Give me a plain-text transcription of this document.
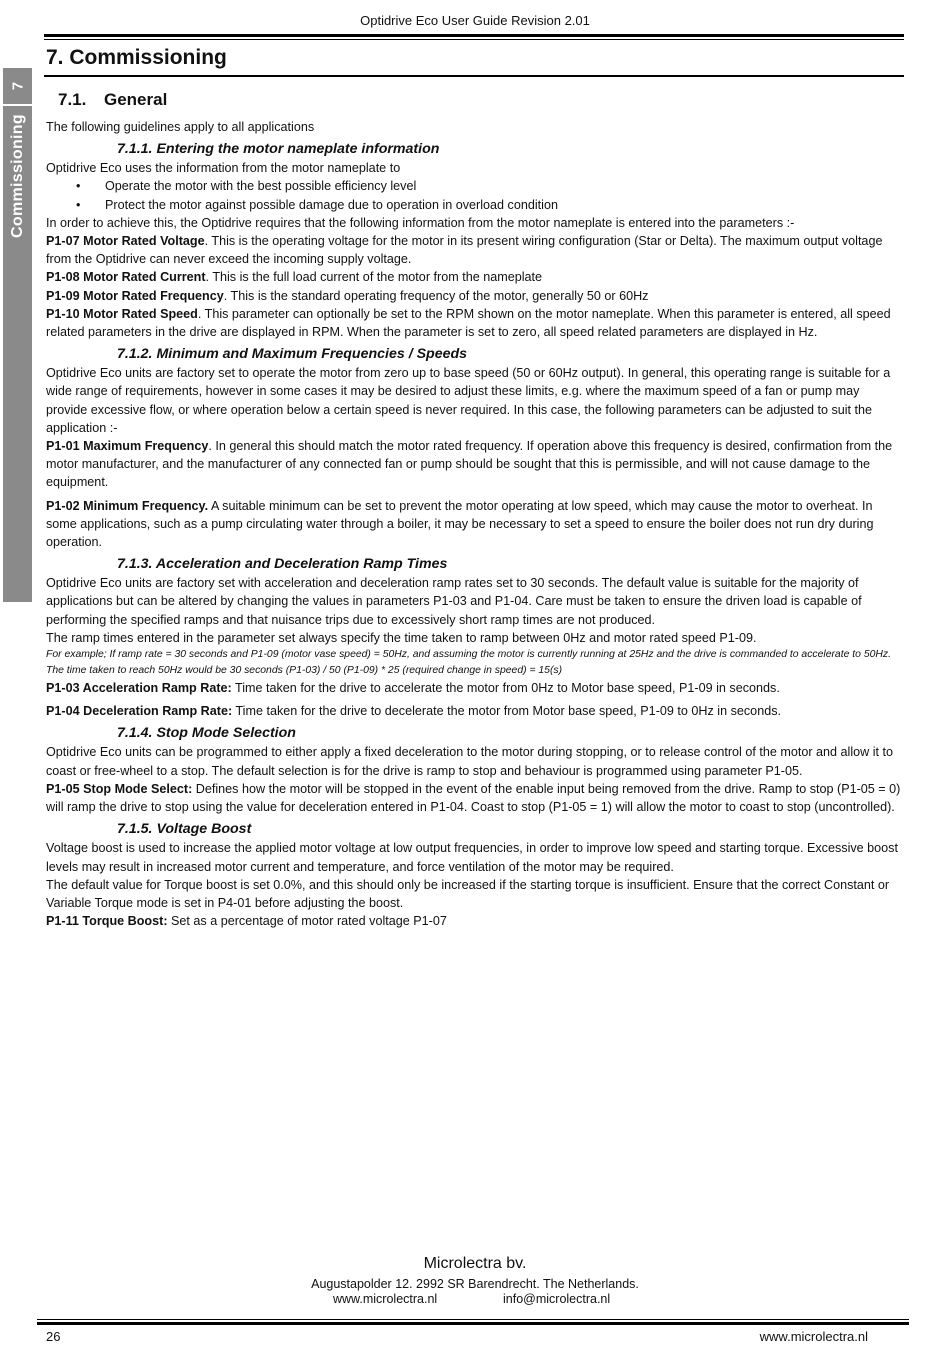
Optidrive Eco User Guide Revision 2.01
7
Commissioning
7. Commissioning
7.1. General

The following guidelines apply to all applications

7.1.1. Entering the motor nameplate information

Optidrive Eco uses the information from the motor nameplate to

• Operate the motor with the best possible efficiency level

• Protect the motor against possible damage due to operation in overload condition

In order to achieve this, the Optidrive requires that the following information from the motor nameplate is entered into the parameters :-

P1-07 Motor Rated Voltage. This is the operating voltage for the motor in its present wiring configuration (Star or Delta). The maximum output voltage from the Optidrive can never exceed the incoming supply voltage.

P1-08 Motor Rated Current. This is the full load current of the motor from the nameplate

P1-09 Motor Rated Frequency. This is the standard operating frequency of the motor, generally 50 or 60Hz

P1-10 Motor Rated Speed. This parameter can optionally be set to the RPM shown on the motor nameplate. When this parameter is entered, all speed related parameters in the drive are displayed in RPM. When the parameter is set to zero, all speed related parameters are displayed in Hz.

7.1.2. Minimum and Maximum Frequencies / Speeds

Optidrive Eco units are factory set to operate the motor from zero up to base speed (50 or 60Hz output). In general, this operating range is suitable for a wide range of requirements, however in some cases it may be desired to adjust these limits, e.g. where the maximum speed of a fan or pump may provide excessive flow, or where operation below a certain speed is never required. In this case, the following parameters can be adjusted to suit the application :-

P1-01 Maximum Frequency. In general this should match the motor rated frequency. If operation above this frequency is desired, confirmation from the motor manufacturer, and the manufacturer of any connected fan or pump should be sought that this is permissible, and will not cause damage to the equipment.

P1-02 Minimum Frequency. A suitable minimum can be set to prevent the motor operating at low speed, which may cause the motor to overheat. In some applications, such as a pump circulating water through a boiler, it may be necessary to set a speed to ensure the boiler does not run dry during operation.

7.1.3. Acceleration and Deceleration Ramp Times

Optidrive Eco units are factory set with acceleration and deceleration ramp rates set to 30 seconds. The default value is suitable for the majority of applications but can be altered by changing the values in parameters P1-03 and P1-04. Care must be taken to ensure the driven load is capable of performing the specified ramps and that nuisance trips due to excessively short ramp times are not produced.

The ramp times entered in the parameter set always specify the time taken to ramp between 0Hz and motor rated speed P1-09.

For example; If ramp rate = 30 seconds and P1-09 (motor vase speed) = 50Hz, and assuming the motor is currently running at 25Hz and the drive is commanded to accelerate to 50Hz. The time taken to reach 50Hz would be 30 seconds (P1-03) / 50 (P1-09) * 25 (required change in speed) = 15(s)

P1-03 Acceleration Ramp Rate: Time taken for the drive to accelerate the motor from 0Hz to Motor base speed, P1-09 in seconds.

P1-04 Deceleration Ramp Rate: Time taken for the drive to decelerate the motor from Motor base speed, P1-09 to 0Hz in seconds.

7.1.4. Stop Mode Selection

Optidrive Eco units can be programmed to either apply a fixed deceleration to the motor during stopping, or to release control of the motor and allow it to coast or free-wheel to a stop. The default selection is for the drive is ramp to stop and behaviour is programmed using parameter P1-05.

P1-05 Stop Mode Select: Defines how the motor will be stopped in the event of the enable input being removed from the drive. Ramp to stop (P1-05 = 0) will ramp the drive to stop using the value for deceleration entered in P1-04. Coast to stop (P1-05 = 1) will allow the motor to coast to stop (uncontrolled).

7.1.5. Voltage Boost

Voltage boost is used to increase the applied motor voltage at low output frequencies, in order to improve low speed and starting torque. Excessive boost levels may result in increased motor current and temperature, and force ventilation of the motor may be required.

The default value for Torque boost is set 0.0%, and this should only be increased if the starting torque is insufficient. Ensure that the correct Constant or Variable Torque mode is set in P4-01 before adjusting the boost.

P1-11 Torque Boost: Set as a percentage of motor rated voltage P1-07

Microlectra bv.
Augustapolder 12. 2992 SR Barendrecht. The Netherlands.
www.microlectra.nl	info@microlectra.nl
26	www.microlectra.nl
